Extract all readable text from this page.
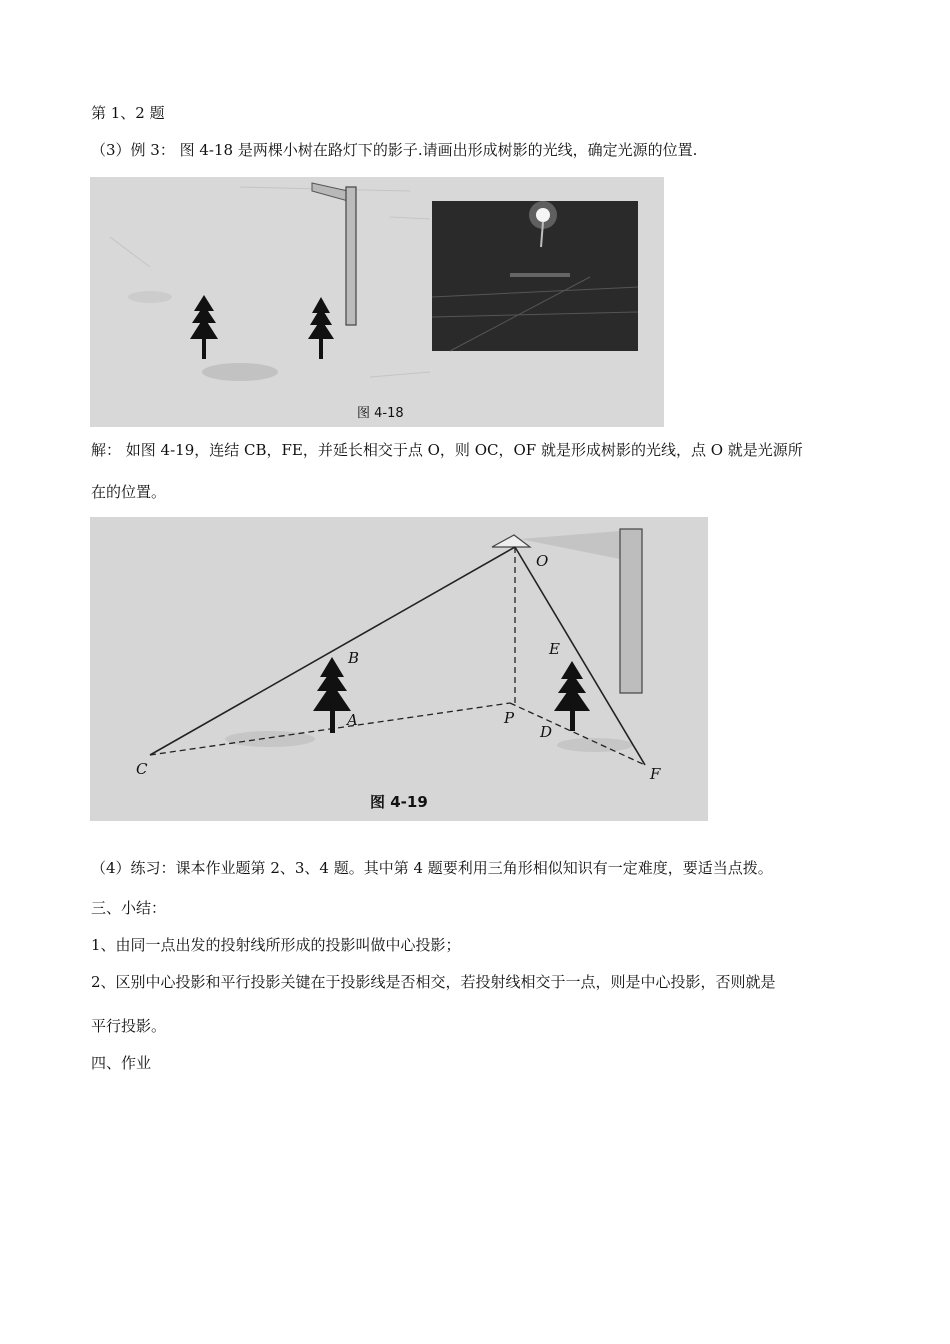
第 1、2 题
（3）例 3： 图 4-18 是两棵小树在路灯下的影子.请画出形成树影的光线，确定光源的位置.
图 4-18
解： 如图 4-19，连结 CB，FE，并延长相交于点 O，则 OC，OF 就是形成树影的光线，点 O 就是光源所
在的位置。
O
B
A	P
E
D
C	F
图 4-19
（4）练习：课本作业题第 2、3、4 题。其中第 4 题要利用三角形相似知识有一定难度，要适当点拨。
三、小结：
1、由同一点出发的投射线所形成的投影叫做中心投影；
2、区别中心投影和平行投影关键在于投影线是否相交，若投射线相交于一点，则是中心投影，否则就是
平行投影。
四、作业
